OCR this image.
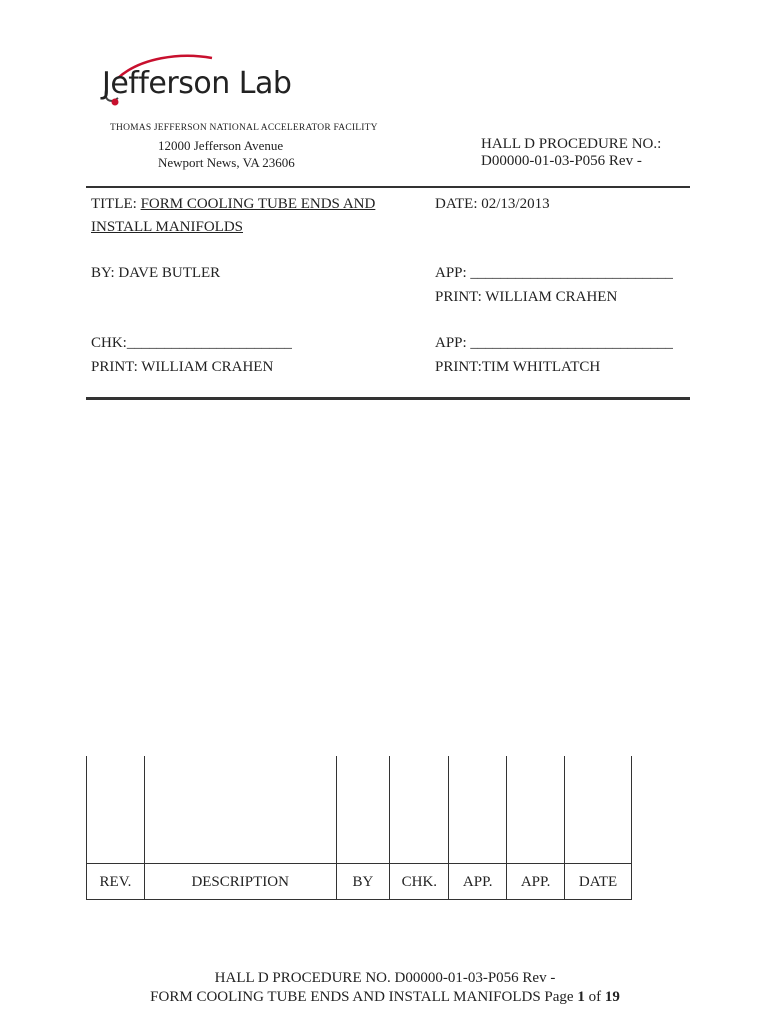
Jefferson Lab
THOMAS JEFFERSON NATIONAL ACCELERATOR FACILITY
12000 Jefferson Avenue
Newport News, VA 23606
HALL D PROCEDURE NO.:
D00000-01-03-P056 Rev -
TITLE: FORM COOLING TUBE ENDS AND
INSTALL MANIFOLDS
DATE: 02/13/2013
BY: DAVE BUTLER	APP: ___________________________
PRINT: WILLIAM CRAHEN
CHK:______________________
PRINT: WILLIAM CRAHEN
APP: ___________________________
PRINT:TIM WHITLATCH

REV.	DESCRIPTION	BY	CHK.	APP.	APP.	DATE
HALL D PROCEDURE NO. D00000-01-03-P056 Rev -
FORM COOLING TUBE ENDS AND INSTALL MANIFOLDS Page 1 of 19
